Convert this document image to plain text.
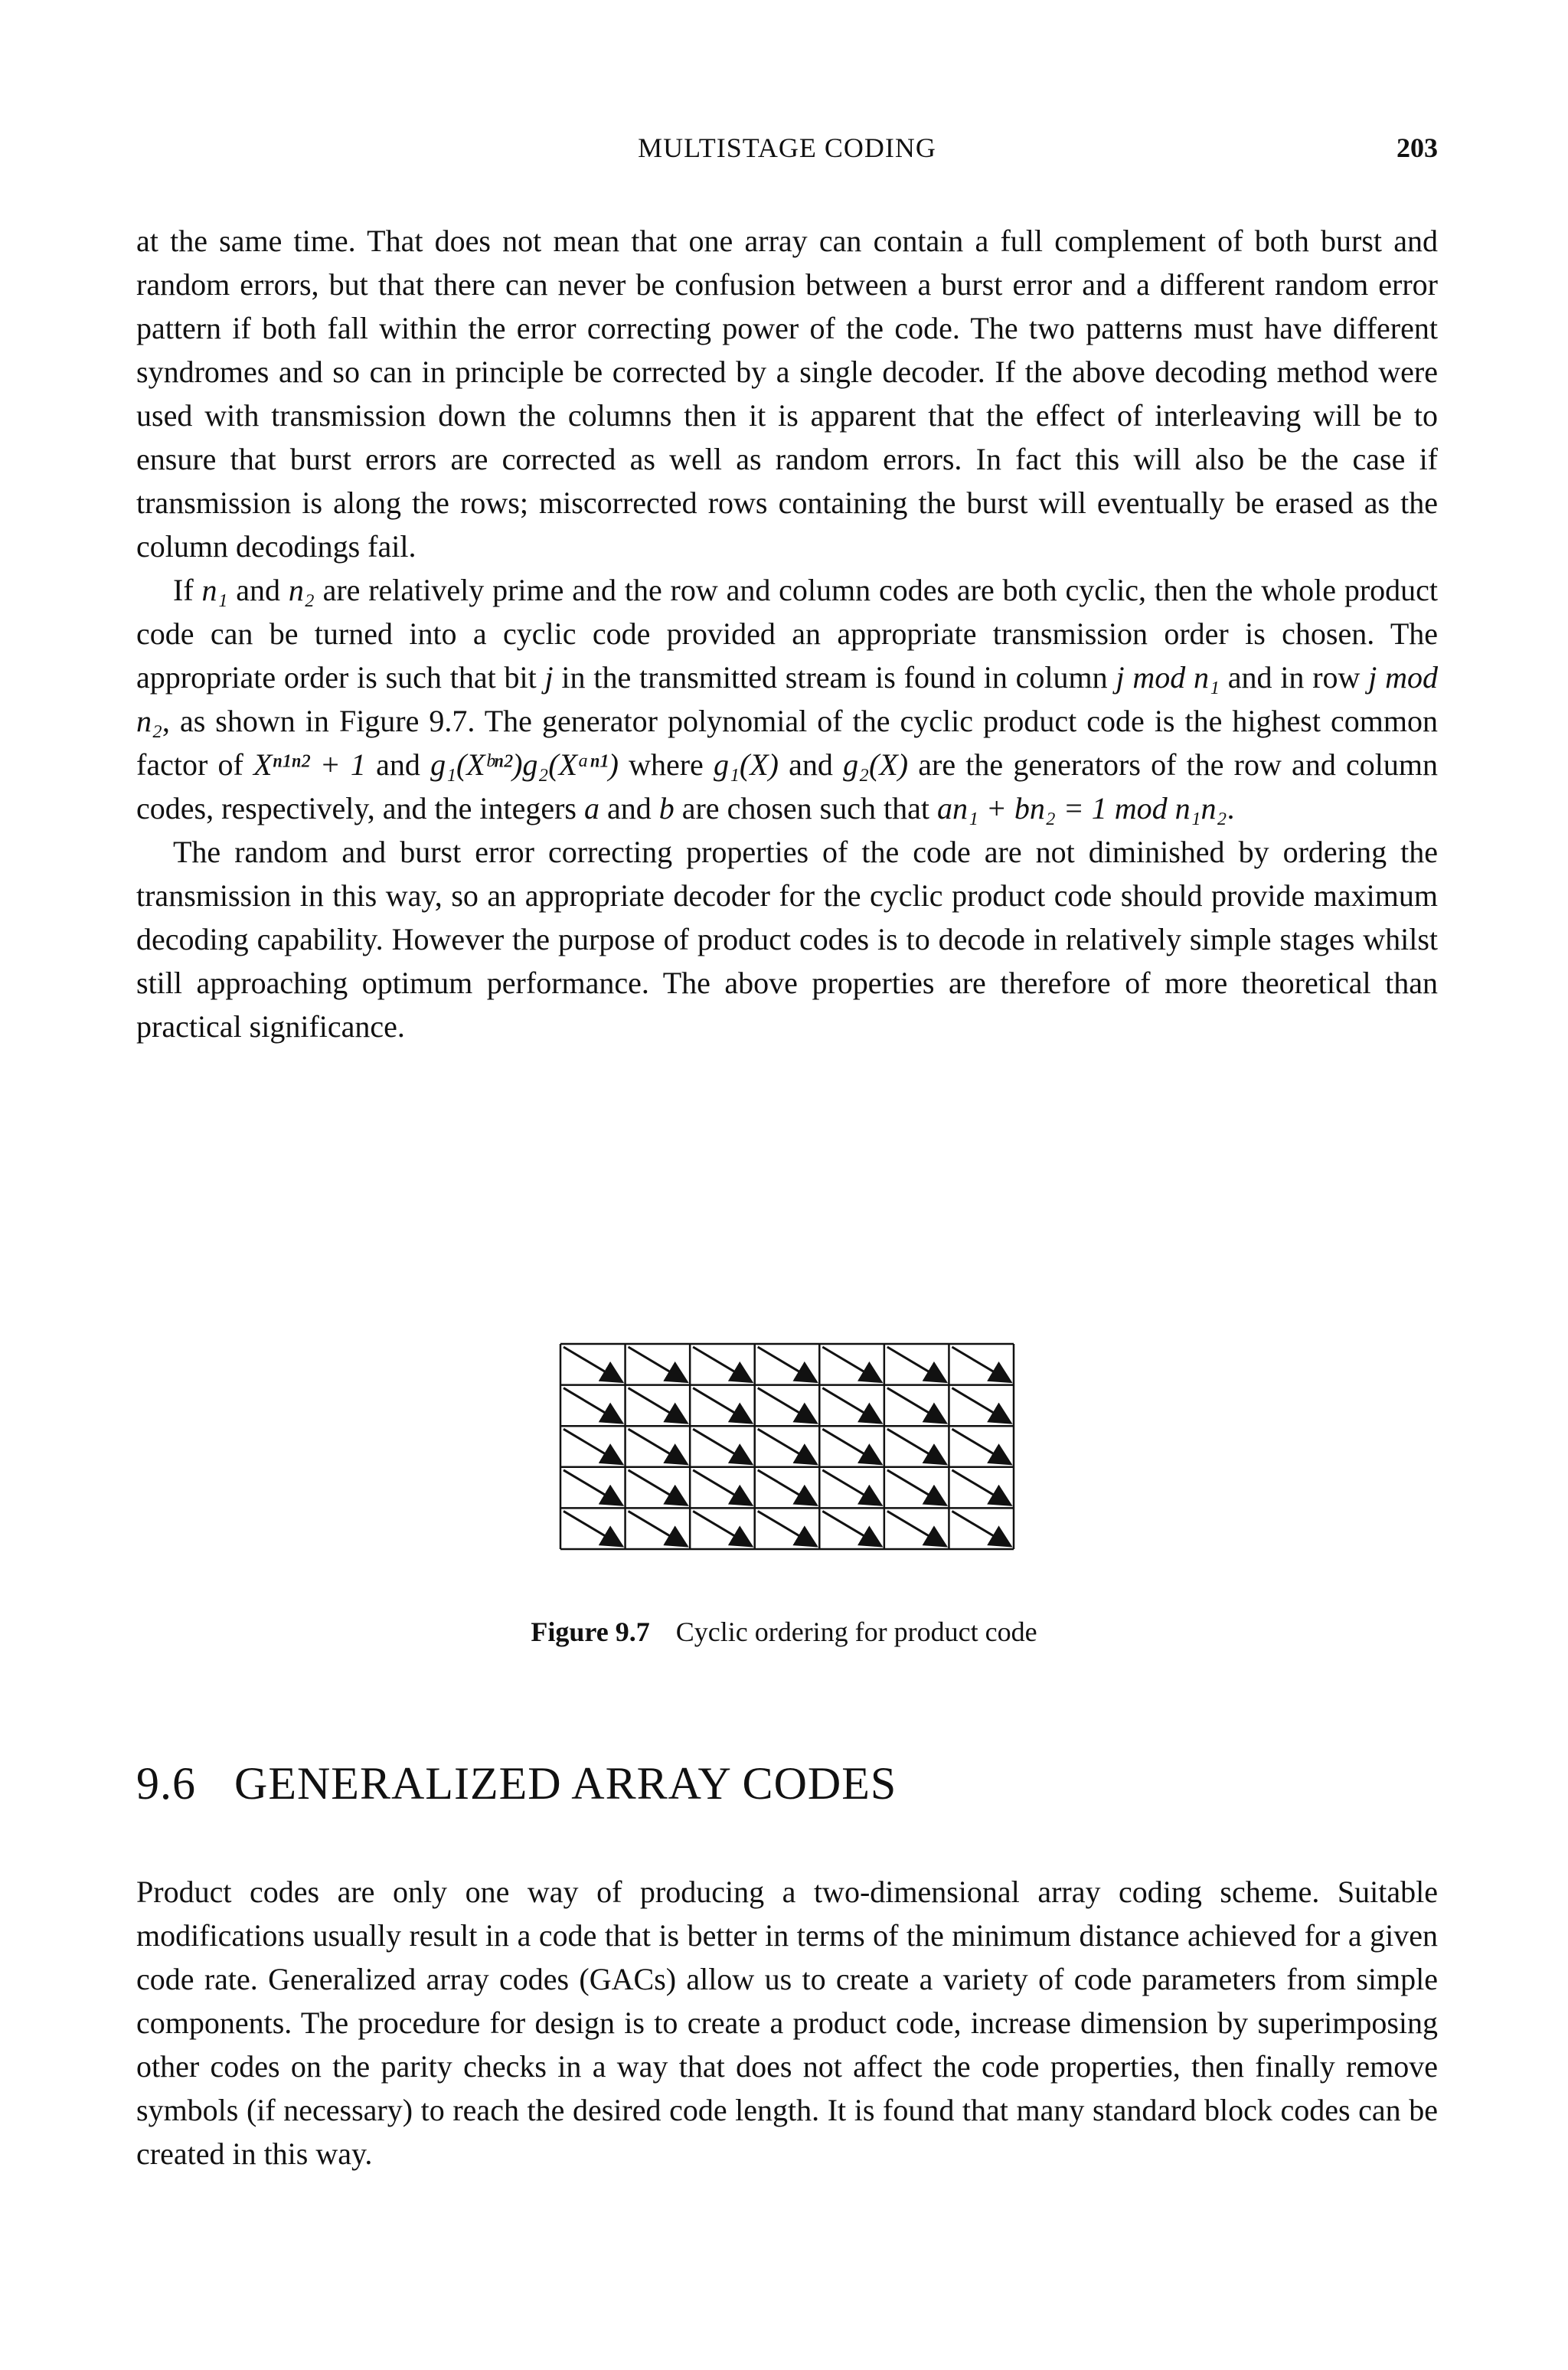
MULTISTAGE CODING	203

at the same time. That does not mean that one array can contain a full complement of both burst and random errors, but that there can never be confusion between a burst error and a different random error pattern if both fall within the error correcting power of the code. The two patterns must have different syndromes and so can in principle be corrected by a single decoder. If the above decoding method were used with transmission down the columns then it is apparent that the effect of interleaving will be to ensure that burst errors are corrected as well as random errors. In fact this will also be the case if transmission is along the rows; miscorrected rows containing the burst will eventually be erased as the column decodings fail.

If n₁ and n₂ are relatively prime and the row and column codes are both cyclic, then the whole product code can be turned into a cyclic code provided an appropriate transmission order is chosen. The appropriate order is such that bit j in the transmitted stream is found in column j mod n₁ and in row j mod n₂, as shown in Figure 9.7. The generator polynomial of the cyclic product code is the highest common factor of Xⁿ¹ⁿ² + 1 and g₁(Xᵇⁿ²)g₂(Xᵃⁿ¹) where g₁(X) and g₂(X) are the generators of the row and column codes, respectively, and the integers a and b are chosen such that an₁ + bn₂ = 1 mod n₁n₂.

The random and burst error correcting properties of the code are not diminished by ordering the transmission in this way, so an appropriate decoder for the cyclic product code should provide maximum decoding capability. However the purpose of product codes is to decode in relatively simple stages whilst still approaching optimum performance. The above properties are therefore of more theoretical than practical significance.

Figure 9.7 Cyclic ordering for product code
9.6 GENERALIZED ARRAY CODES

Product codes are only one way of producing a two-dimensional array coding scheme. Suitable modifications usually result in a code that is better in terms of the minimum distance achieved for a given code rate. Generalized array codes (GACs) allow us to create a variety of code parameters from simple components. The procedure for design is to create a product code, increase dimension by superimposing other codes on the parity checks in a way that does not affect the code properties, then finally remove symbols (if necessary) to reach the desired code length. It is found that many standard block codes can be created in this way.
